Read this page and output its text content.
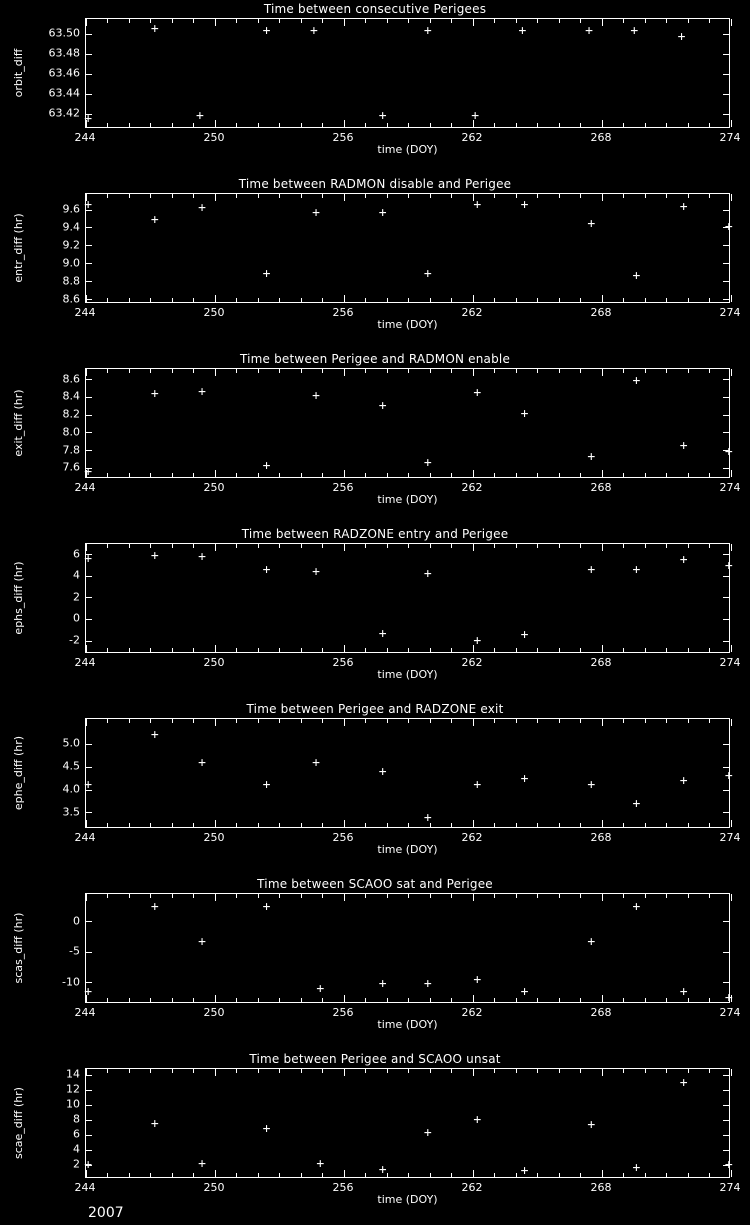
Time between consecutive Perigees
+
+
+
+	+
+
+
+
+	+	+	+
63.42
63.44
63.46
63.48
63.50
orbit_diff
244	250	256	262	268	274
time (DOY)
Time between RADMON disable and Perigee
+
+
+
+
+	+
+
+	+
+
+
+
+
8.6
8.8
9.0
9.2
9.4
9.6
entr_diff (hr)
244	250	256	262	268	274
time (DOY)
Time between Perigee and RADMON enable
+
+	+
+
+
+
+
+
+
+
+
+	+
7.6
7.8
8.0
8.2
8.4
8.6
exit_diff (hr)
244	250	256	262	268	274
time (DOY)
Time between RADZONE entry and Perigee
+	+	+
+	+
+
+
+	+
+	+
+	+
-2
0
2
4
6
ephs_diff (hr)
244	250	256	262	268	274
time (DOY)
Time between Perigee and RADZONE exit
+
+
+
+
+
+
+
+	+	+
+
+	+
3.5
4.0
4.5
5.0
ephe_diff (hr)
244	250	256	262	268	274
time (DOY)
Time between SCAOO sat and Perigee
+
+
+
+
+	+	+	+
+
+
+
+	+
-10
-5
0
scas_diff (hr)
244	250	256	262	268	274
time (DOY)
Time between Perigee and SCAOO unsat
+
+
+
+
+	+
+
+
+
+
+
+
+
2
4
6
8
10
12
14
scae_diff (hr)
244	250	256	262	268	274
time (DOY)
2007
